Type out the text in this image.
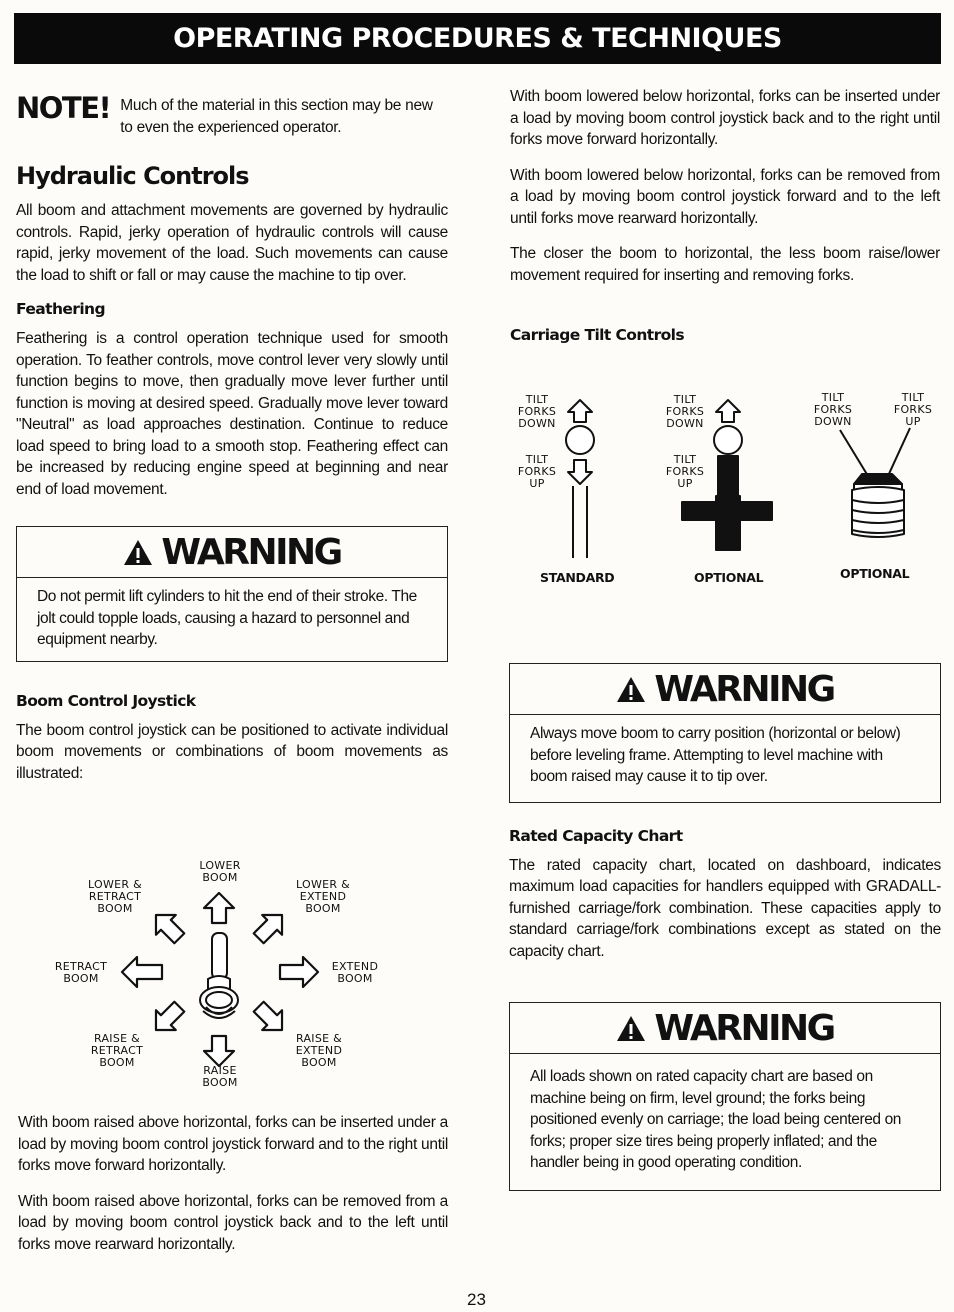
OPERATING PROCEDURES & TECHNIQUES
NOTE! Much of the material in this section may be new to even the experienced operator.
Hydraulic Controls

All boom and attachment movements are governed by hydraulic controls. Rapid, jerky operation of hydraulic controls will cause rapid, jerky movement of the load. Such movements can cause the load to shift or fall or may cause the machine to tip over.

Feathering

Feathering is a control operation technique used for smooth operation. To feather controls, move control lever very slowly until function begins to move, then gradually move lever further until function is moving at desired speed. Gradually move lever toward "Neutral" as load approaches destination. Continue to reduce load speed to bring load to a smooth stop. Feathering effect can be increased by reducing engine speed at beginning and near end of load movement.

WARNING
Do not permit lift cylinders to hit the end of their stroke. The jolt could topple loads, causing a hazard to personnel and equipment nearby.
Boom Control Joystick

The boom control joystick can be positioned to activate individual boom movements or combinations of boom movements as illustrated:

LOWER
BOOM
LOWER &
RETRACT
BOOM
LOWER &
EXTEND
BOOM
RETRACT
BOOM
EXTEND
BOOM
RAISE &
RETRACT
BOOM
RAISE &
EXTEND
BOOM
RAISE
BOOM

With boom raised above horizontal, forks can be inserted under a load by moving boom control joystick forward and to the right until forks move forward horizontally.

With boom raised above horizontal, forks can be removed from a load by moving boom control joystick back and to the left until forks move rearward horizontally.

With boom lowered below horizontal, forks can be inserted under a load by moving boom control joystick back and to the right until forks move forward horizontally.

With boom lowered below horizontal, forks can be removed from a load by moving boom control joystick forward and to the left until forks move rearward horizontally.

The closer the boom to horizontal, the less boom raise/lower movement required for inserting and removing forks.

Carriage Tilt Controls
TILT
FORKS
DOWN
TILT
FORKS
UP
TILT
FORKS
DOWN
TILT
FORKS
UP
TILT
FORKS
DOWN
TILT
FORKS
UP
STANDARD	OPTIONAL	OPTIONAL
WARNING
Always move boom to carry position (horizontal or below) before leveling frame. Attempting to level machine with boom raised may cause it to tip over.
Rated Capacity Chart

The rated capacity chart, located on dashboard, indicates maximum load capacities for handlers equipped with GRADALL-furnished carriage/fork combination. These capacities apply to standard carriage/fork combinations except as stated on the capacity chart.

WARNING
All loads shown on rated capacity chart are based on machine being on firm, level ground; the forks being positioned evenly on carriage; the load being centered on forks; proper size tires being properly inflated; and the handler being in good operating condition.
23
